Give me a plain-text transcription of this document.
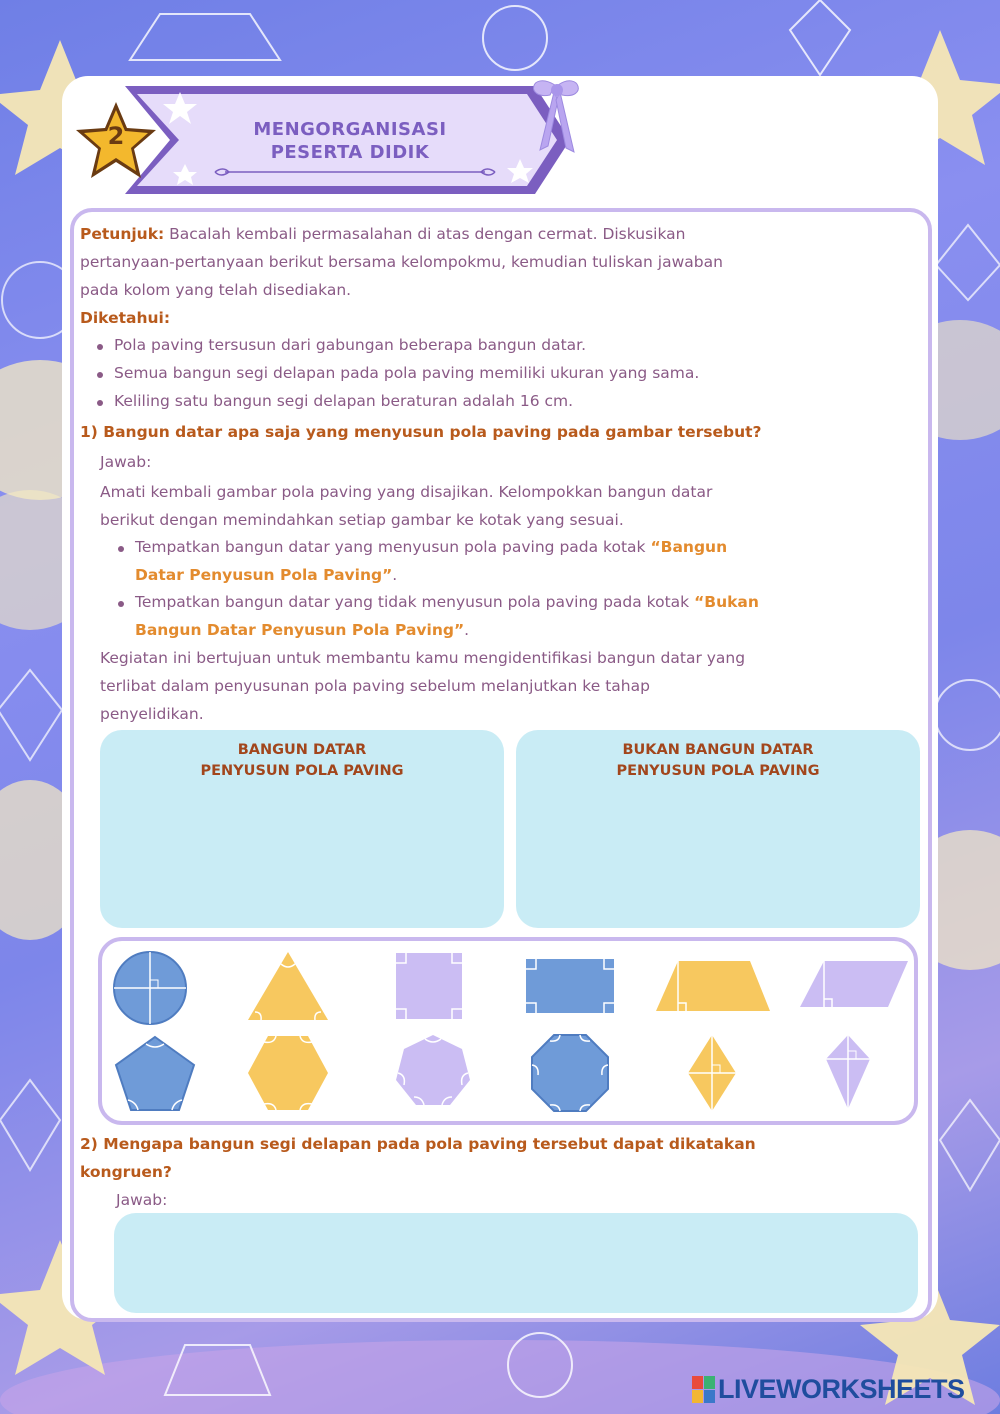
2	MENGORGANISASI
PESERTA DIDIK
Petunjuk: Bacalah kembali permasalahan di atas dengan cermat. Diskusikan
pertanyaan-pertanyaan berikut bersama kelompokmu, kemudian tuliskan jawaban
pada kolom yang telah disediakan.
Diketahui:
Pola paving tersusun dari gabungan beberapa bangun datar.
Semua bangun segi delapan pada pola paving memiliki ukuran yang sama.
Keliling satu bangun segi delapan beraturan adalah 16 cm.
1) Bangun datar apa saja yang menyusun pola paving pada gambar tersebut?
Jawab:
Amati kembali gambar pola paving yang disajikan. Kelompokkan bangun datar
berikut dengan memindahkan setiap gambar ke kotak yang sesuai.
Tempatkan bangun datar yang menyusun pola paving pada kotak “Bangun
Datar Penyusun Pola Paving”.
Tempatkan bangun datar yang tidak menyusun pola paving pada kotak “Bukan
Bangun Datar Penyusun Pola Paving”.
Kegiatan ini bertujuan untuk membantu kamu mengidentifikasi bangun datar yang
terlibat dalam penyusunan pola paving sebelum melanjutkan ke tahap
penyelidikan.
BANGUN DATAR
PENYUSUN POLA PAVING
BUKAN BANGUN DATAR
PENYUSUN POLA PAVING
2) Mengapa bangun segi delapan pada pola paving tersebut dapat dikatakan
kongruen?
Jawab:
LIVEWORKSHEETS
